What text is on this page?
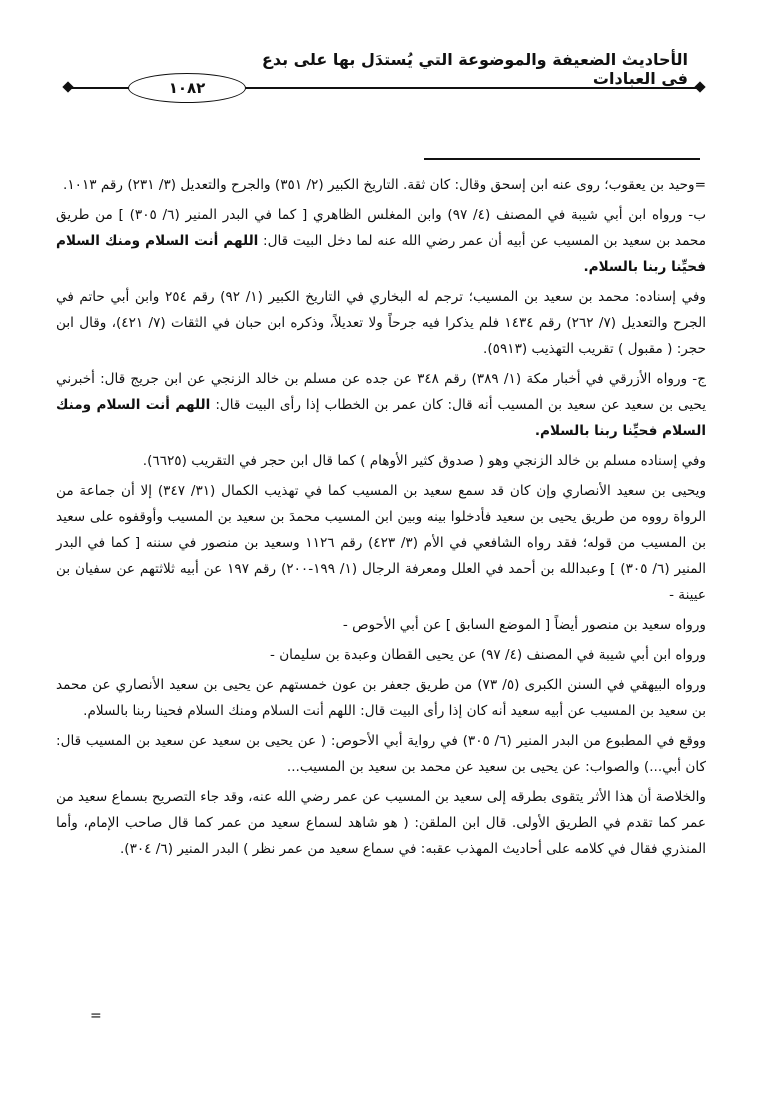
الأحاديث الضعيفة والموضوعة التي يُستدَل بها على بدع في العبادات
١٠٨٢

=وحيد بن يعقوب؛ روى عنه ابن إسحق وقال: كان ثقة. التاريخ الكبير (٢/ ٣٥١) والجرح والتعديل (٣/ ٢٣١) رقم ١٠١٣.

ب- ورواه ابن أبي شيبة في المصنف (٤/ ٩٧) وابن المغلس الظاهري [ كما في البدر المنير (٦/ ٣٠٥) ] من طريق محمد بن سعيد بن المسيب عن أبيه أن عمر رضي الله عنه لما دخل البيت قال: اللهم أنت السلام ومنك السلام فحيِّنا ربنا بالسلام.

وفي إسناده: محمد بن سعيد بن المسيب؛ ترجم له البخاري في التاريخ الكبير (١/ ٩٢) رقم ٢٥٤ وابن أبي حاتم في الجرح والتعديل (٧/ ٢٦٢) رقم ١٤٣٤ فلم يذكرا فيه جرحاً ولا تعديلاً، وذكره ابن حبان في الثقات (٧/ ٤٢١)، وقال ابن حجر: ( مقبول ) تقريب التهذيب (٥٩١٣).

ج- ورواه الأزرقي في أخبار مكة (١/ ٣٨٩) رقم ٣٤٨ عن جده عن مسلم بن خالد الزنجي عن ابن جريج قال: أخبرني يحيى بن سعيد عن سعيد بن المسيب أنه قال: كان عمر بن الخطاب إذا رأى البيت قال: اللهم أنت السلام ومنك السلام فحيِّنا ربنا بالسلام.

وفي إسناده مسلم بن خالد الزنجي وهو ( صدوق كثير الأوهام ) كما قال ابن حجر في التقريب (٦٦٢٥).

ويحيى بن سعيد الأنصاري وإن كان قد سمع سعيد بن المسيب كما في تهذيب الكمال (٣١/ ٣٤٧) إلا أن جماعة من الرواة رووه من طريق يحيى بن سعيد فأدخلوا بينه وبين ابن المسيب محمدَ بن سعيد بن المسيب وأوقفوه على سعيد بن المسيب من قوله؛ فقد رواه الشافعي في الأم (٣/ ٤٢٣) رقم ١١٢٦ وسعيد بن منصور في سننه [ كما في البدر المنير (٦/ ٣٠٥) ] وعبدالله بن أحمد في العلل ومعرفة الرجال (١/ ١٩٩-٢٠٠) رقم ١٩٧ عن أبيه ثلاثتهم عن سفيان بن عيينة -

ورواه سعيد بن منصور أيضاً [ الموضع السابق ] عن أبي الأحوص -

ورواه ابن أبي شيبة في المصنف (٤/ ٩٧) عن يحيى القطان وعبدة بن سليمان -

ورواه البيهقي في السنن الكبرى (٥/ ٧٣) من طريق جعفر بن عون خمستهم عن يحيى بن سعيد الأنصاري عن محمد بن سعيد بن المسيب عن أبيه سعيد أنه كان إذا رأى البيت قال: اللهم أنت السلام ومنك السلام فحينا ربنا بالسلام.

ووقع في المطبوع من البدر المنير (٦/ ٣٠٥) في رواية أبي الأحوص: ( عن يحيى بن سعيد عن سعيد بن المسيب قال: كان أبي...) والصواب: عن يحيى بن سعيد عن محمد بن سعيد بن المسيب...

والخلاصة أن هذا الأثر يتقوى بطرقه إلى سعيد بن المسيب عن عمر رضي الله عنه، وقد جاء التصريح بسماع سعيد من عمر كما تقدم في الطريق الأولى. قال ابن الملقن: ( هو شاهد لسماع سعيد من عمر كما قال صاحب الإمام، وأما المنذري فقال في كلامه على أحاديث المهذب عقبه: في سماع سعيد من عمر نظر ) البدر المنير (٦/ ٣٠٤).

=
